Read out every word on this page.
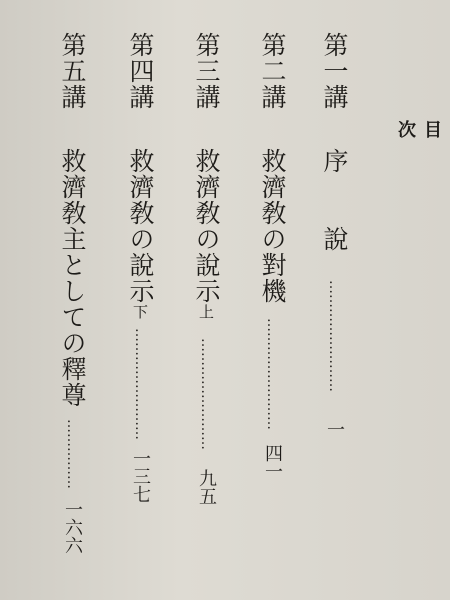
目
次
第一講序　　說……………………一
第二講救濟敎の對機……………………四一
第三講救濟敎の說示上……………………九五
第四講救濟敎の說示下……………………一三七
第五講救濟敎主としての釋尊……………一六六
